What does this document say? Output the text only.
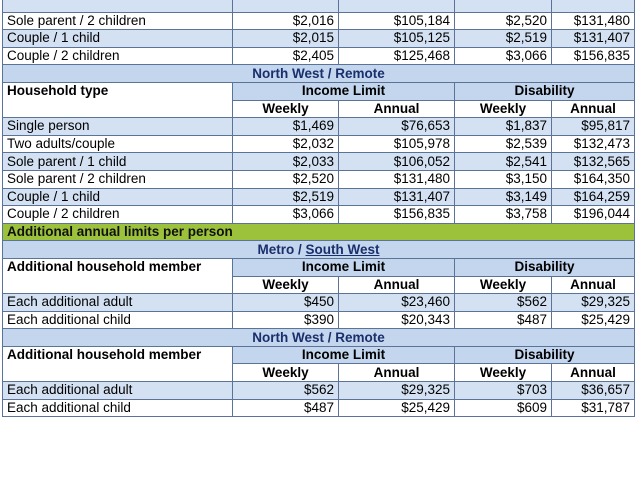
Sole parent / 2 children	$2,016	$105,184	$2,520	$131,480
Couple / 1 child	$2,015	$105,125	$2,519	$131,407
Couple / 2 children	$2,405	$125,468	$3,066	$156,835
North West / Remote				
Household type	Income Limit		Disability	
	Weekly	Annual	Weekly	Annual
Single person	$1,469	$76,653	$1,837	$95,817
Two adults/couple	$2,032	$105,978	$2,539	$132,473
Sole parent / 1 child	$2,033	$106,052	$2,541	$132,565
Sole parent / 2 children	$2,520	$131,480	$3,150	$164,350
Couple / 1 child	$2,519	$131,407	$3,149	$164,259
Couple / 2 children	$3,066	$156,835	$3,758	$196,044
Additional annual limits per person				
Metro / South West				
Additional household member	Income Limit		Disability	
	Weekly	Annual	Weekly	Annual
Each additional adult	$450	$23,460	$562	$29,325
Each additional child	$390	$20,343	$487	$25,429
North West / Remote				
Additional household member	Income Limit		Disability	
	Weekly	Annual	Weekly	Annual
Each additional adult	$562	$29,325	$703	$36,657
Each additional child	$487	$25,429	$609	$31,787
